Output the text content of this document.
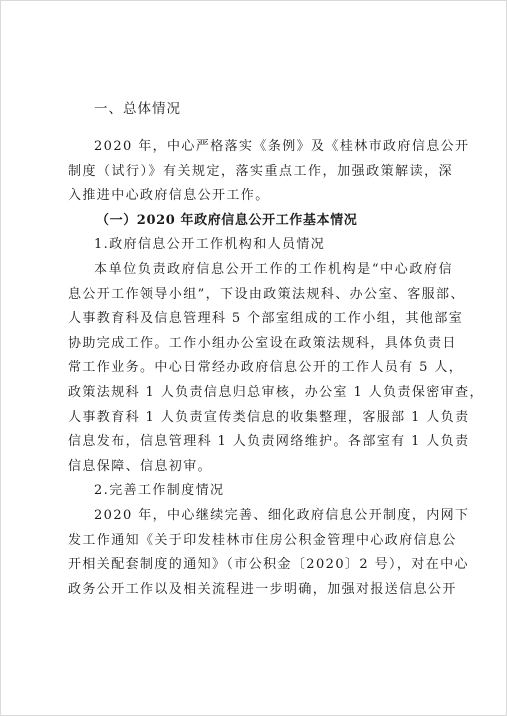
一、总体情况
2020 年，中心严格落实《条例》及《桂林市政府信息公开
制度（试行）》有关规定，落实重点工作，加强政策解读，深
入推进中心政府信息公开工作。
（一）2020 年政府信息公开工作基本情况
1.政府信息公开工作机构和人员情况
本单位负责政府信息公开工作的工作机构是“中心政府信
息公开工作领导小组”，下设由政策法规科、办公室、客服部、
人事教育科及信息管理科 5 个部室组成的工作小组，其他部室
协助完成工作。工作小组办公室设在政策法规科，具体负责日
常工作业务。中心日常经办政府信息公开的工作人员有 5 人，
政策法规科 1 人负责信息归总审核，办公室 1 人负责保密审查，
人事教育科 1 人负责宣传类信息的收集整理，客服部 1 人负责
信息发布，信息管理科 1 人负责网络维护。各部室有 1 人负责
信息保障、信息初审。
2.完善工作制度情况
2020 年，中心继续完善、细化政府信息公开制度，内网下
发工作通知《关于印发桂林市住房公积金管理中心政府信息公
开相关配套制度的通知》（市公积金〔2020〕2 号），对在中心
政务公开工作以及相关流程进一步明确，加强对报送信息公开
